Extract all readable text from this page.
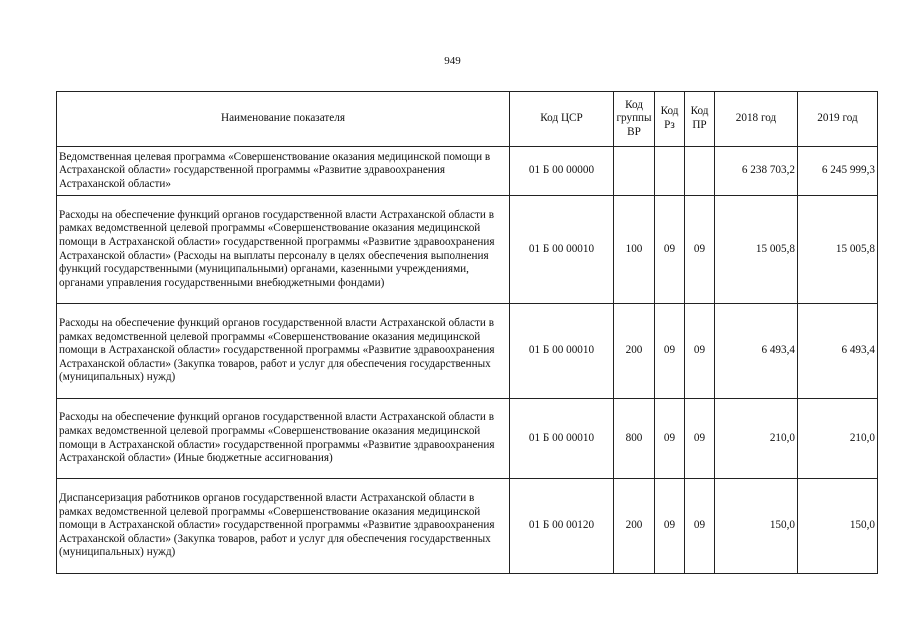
949
Наименование показателя	Код ЦСР	Код группы ВР	Код Рз	Код ПР	2018 год	2019 год
Ведомственная целевая программа «Совершенствование оказания медицинской помощи в Астраханской области» государственной программы «Развитие здравоохранения Астраханской области»	01 Б 00 00000				6 238 703,2	6 245 999,3
Расходы на обеспечение функций органов государственной власти Астраханской области в рамках ведомственной целевой программы «Совершенствование оказания медицинской помощи в Астраханской области» государственной программы «Развитие здравоохранения Астраханской области» (Расходы на выплаты персоналу в целях обеспечения выполнения функций государственными (муниципальными) органами, казенными учреждениями, органами управления государственными внебюджетными фондами)	01 Б 00 00010	100	09	09	15 005,8	15 005,8
Расходы на обеспечение функций органов государственной власти Астраханской области в рамках ведомственной целевой программы «Совершенствование оказания медицинской помощи в Астраханской области» государственной программы «Развитие здравоохранения Астраханской области» (Закупка товаров, работ и услуг для обеспечения государственных (муниципальных) нужд)	01 Б 00 00010	200	09	09	6 493,4	6 493,4
Расходы на обеспечение функций органов государственной власти Астраханской области в рамках ведомственной целевой программы «Совершенствование оказания медицинской помощи в Астраханской области» государственной программы «Развитие здравоохранения Астраханской области» (Иные бюджетные ассигнования)	01 Б 00 00010	800	09	09	210,0	210,0
Диспансеризация работников органов государственной власти Астраханской области в рамках ведомственной целевой программы «Совершенствование оказания медицинской помощи в Астраханской области» государственной программы «Развитие здравоохранения Астраханской области» (Закупка товаров, работ и услуг для обеспечения государственных (муниципальных) нужд)	01 Б 00 00120	200	09	09	150,0	150,0
